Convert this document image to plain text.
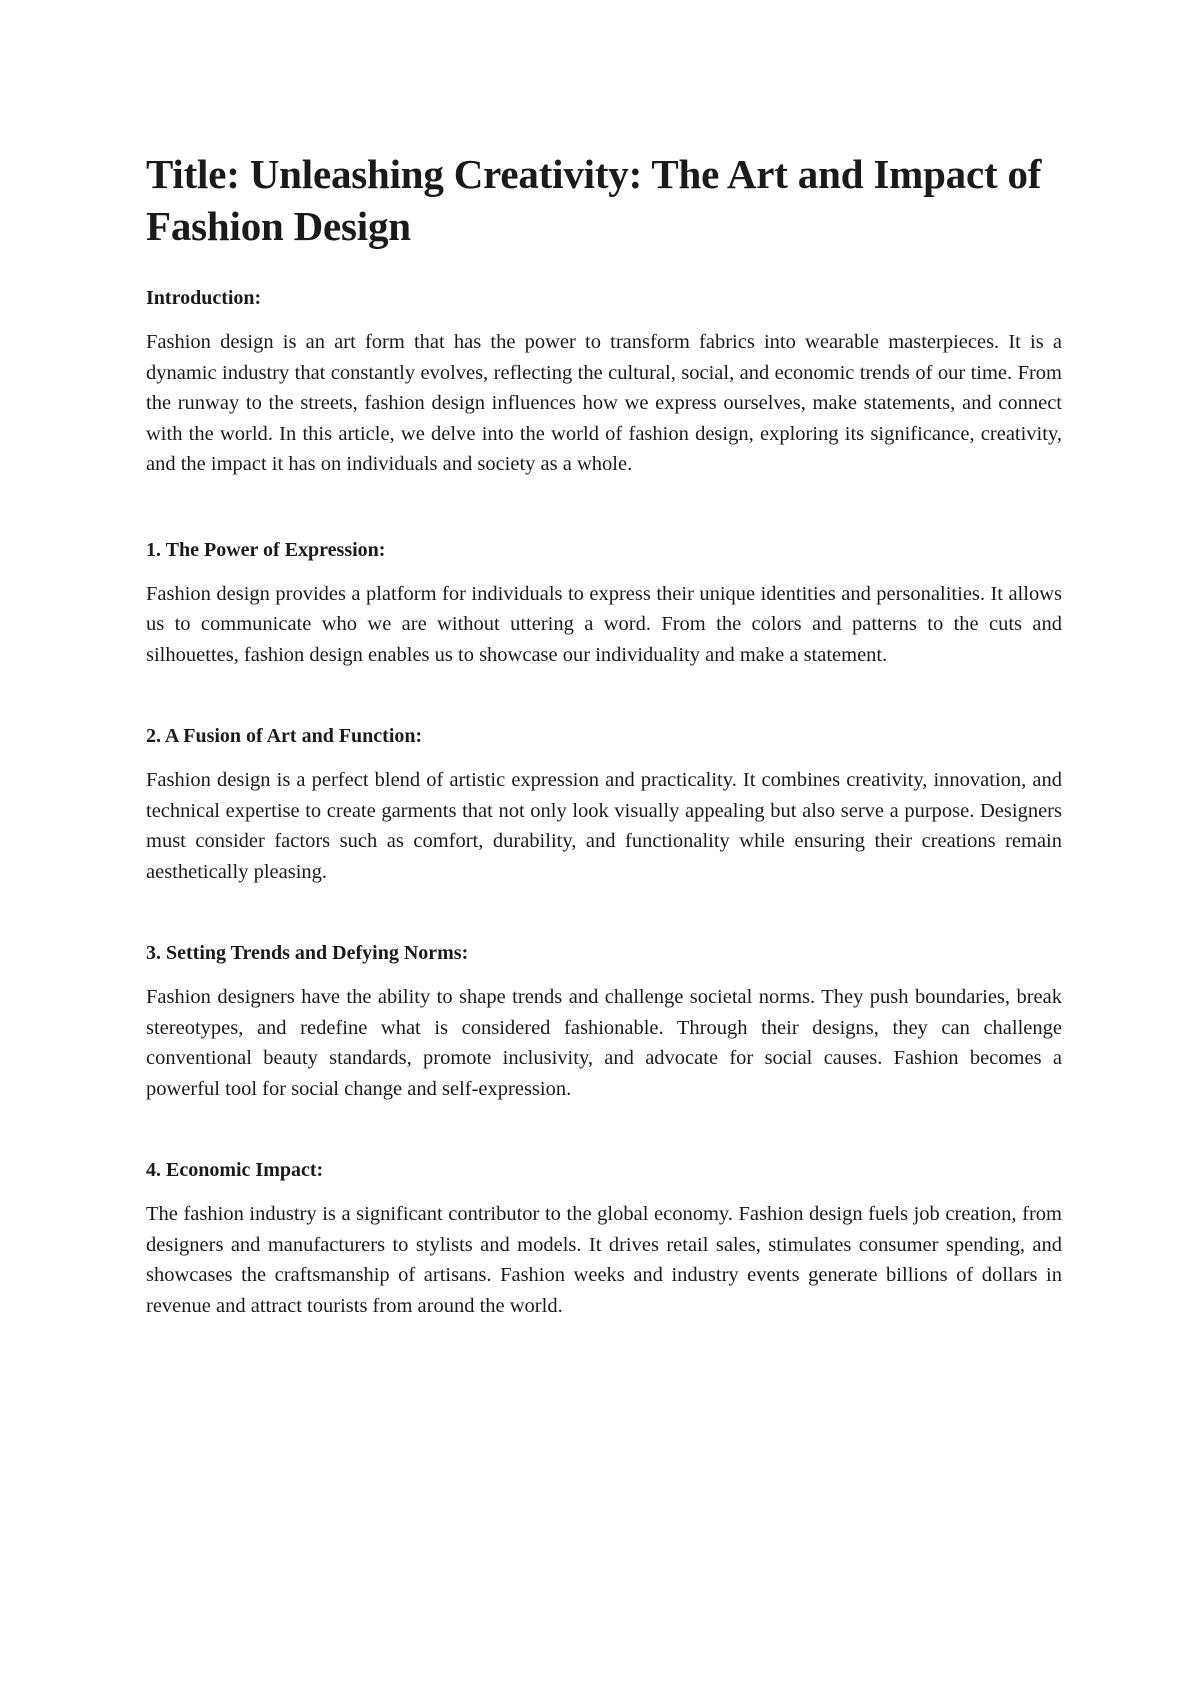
Title: Unleashing Creativity: The Art and Impact of Fashion Design
Introduction:

Fashion design is an art form that has the power to transform fabrics into wearable masterpieces. It is a dynamic industry that constantly evolves, reflecting the cultural, social, and economic trends of our time. From the runway to the streets, fashion design influences how we express ourselves, make statements, and connect with the world. In this article, we delve into the world of fashion design, exploring its significance, creativity, and the impact it has on individuals and society as a whole.

1. The Power of Expression:

Fashion design provides a platform for individuals to express their unique identities and personalities. It allows us to communicate who we are without uttering a word. From the colors and patterns to the cuts and silhouettes, fashion design enables us to showcase our individuality and make a statement.

2. A Fusion of Art and Function:

Fashion design is a perfect blend of artistic expression and practicality. It combines creativity, innovation, and technical expertise to create garments that not only look visually appealing but also serve a purpose. Designers must consider factors such as comfort, durability, and functionality while ensuring their creations remain aesthetically pleasing.

3. Setting Trends and Defying Norms:

Fashion designers have the ability to shape trends and challenge societal norms. They push boundaries, break stereotypes, and redefine what is considered fashionable. Through their designs, they can challenge conventional beauty standards, promote inclusivity, and advocate for social causes. Fashion becomes a powerful tool for social change and self-expression.

4. Economic Impact:

The fashion industry is a significant contributor to the global economy. Fashion design fuels job creation, from designers and manufacturers to stylists and models. It drives retail sales, stimulates consumer spending, and showcases the craftsmanship of artisans. Fashion weeks and industry events generate billions of dollars in revenue and attract tourists from around the world.
